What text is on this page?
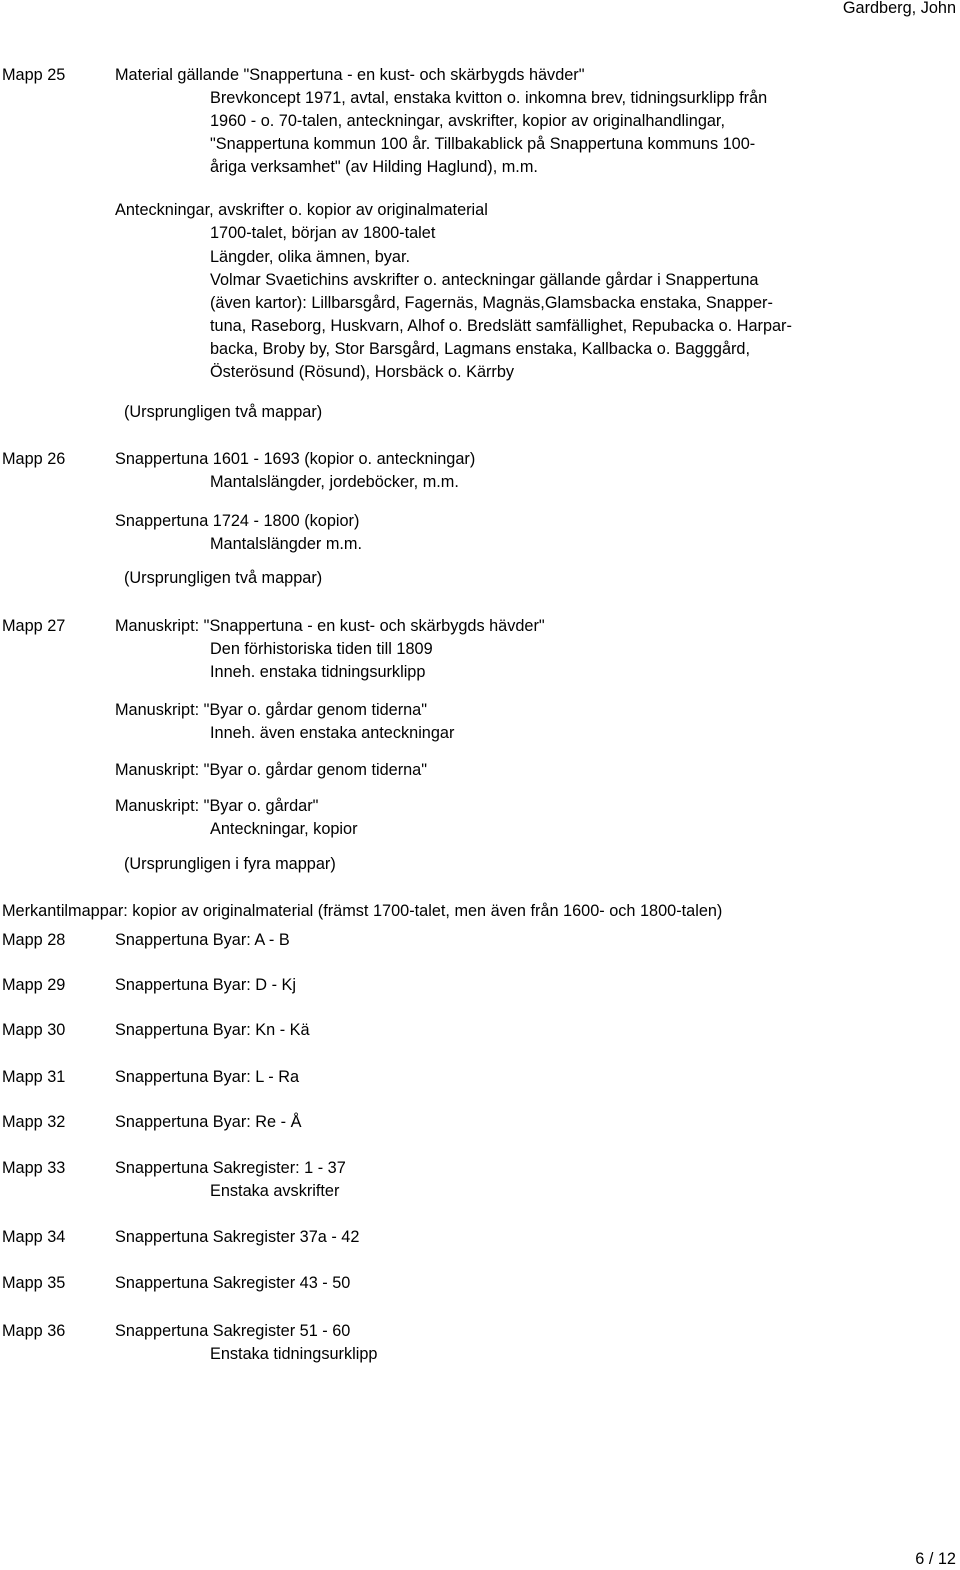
Gardberg, John
Mapp 25	Material gällande "Snappertuna - en kust- och skärbygds hävder"
Brevkoncept 1971, avtal, enstaka kvitton o. inkomna brev, tidningsurklipp från
1960 - o. 70-talen, anteckningar, avskrifter, kopior av originalhandlingar,
"Snappertuna kommun 100 år. Tillbakablick på Snappertuna kommuns 100-
åriga verksamhet" (av Hilding Haglund), m.m.
Anteckningar, avskrifter o. kopior av originalmaterial
1700-talet, början av 1800-talet
Längder, olika ämnen, byar.
Volmar Svaetichins avskrifter o. anteckningar gällande gårdar i Snappertuna
(även kartor): Lillbarsgård, Fagernäs, Magnäs,Glamsbacka enstaka, Snapper-
tuna, Raseborg, Huskvarn, Alhof o. Bredslätt samfällighet, Repubacka o. Harpar-
backa, Broby by, Stor Barsgård, Lagmans enstaka, Kallbacka o. Bagggård,
Österösund (Rösund), Horsbäck o. Kärrby
(Ursprungligen två mappar)
Mapp 26	Snappertuna 1601 - 1693 (kopior o. anteckningar)
Mantalslängder, jordeböcker, m.m.
Snappertuna 1724 - 1800 (kopior)
Mantalslängder m.m.
(Ursprungligen två mappar)
Mapp 27	Manuskript: "Snappertuna - en kust- och skärbygds hävder"
Den förhistoriska tiden till 1809
Inneh. enstaka tidningsurklipp
Manuskript: "Byar o. gårdar genom tiderna"
Inneh. även enstaka anteckningar
Manuskript: "Byar o. gårdar genom tiderna"
Manuskript: "Byar o. gårdar"
Anteckningar, kopior
(Ursprungligen i fyra mappar)
Merkantilmappar: kopior av originalmaterial (främst 1700-talet, men även från 1600- och 1800-talen)
Mapp 28	Snappertuna Byar: A - B
Mapp 29	Snappertuna Byar: D - Kj
Mapp 30	Snappertuna Byar: Kn - Kä
Mapp 31	Snappertuna Byar: L - Ra
Mapp 32	Snappertuna Byar: Re - Å
Mapp 33	Snappertuna Sakregister: 1 - 37
Enstaka avskrifter
Mapp 34	Snappertuna Sakregister 37a - 42
Mapp 35	Snappertuna Sakregister 43 - 50
Mapp 36	Snappertuna Sakregister 51 - 60
Enstaka tidningsurklipp
6 / 12
